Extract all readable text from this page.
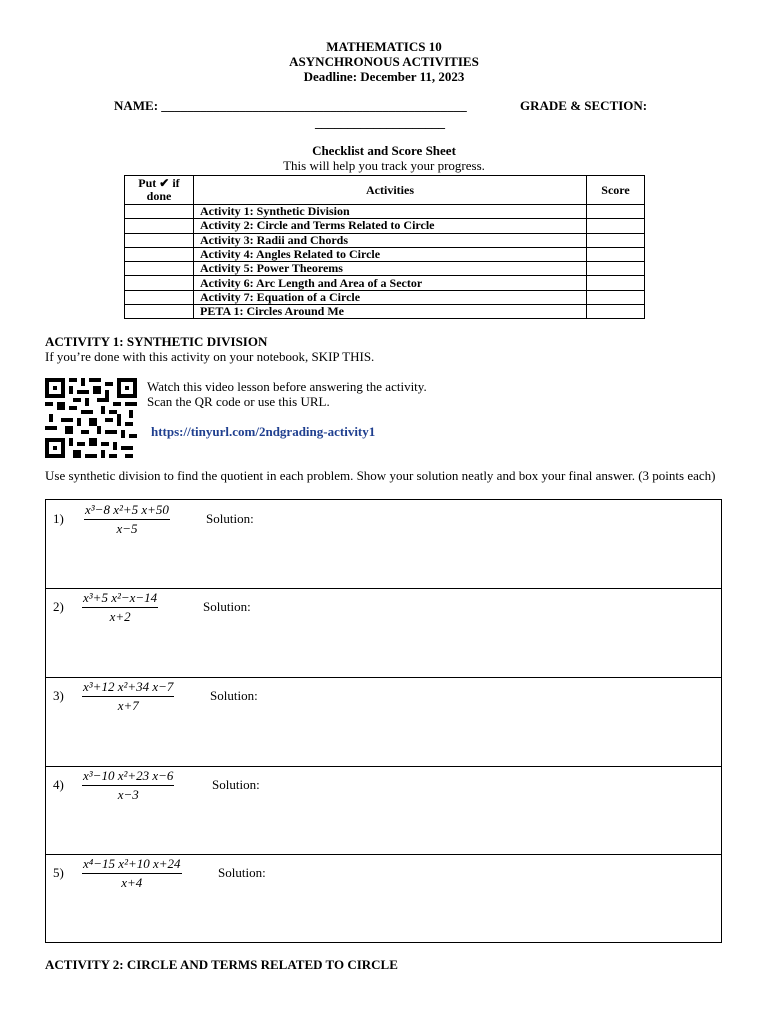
MATHEMATICS 10
ASYNCHRONOUS ACTIVITIES
Deadline: December 11, 2023
NAME: _______________________________________________	GRADE & SECTION:
____________________
Checklist and Score Sheet
This will help you track your progress.
Put ✔ if done	Activities	Score
	Activity 1: Synthetic Division	
	Activity 2: Circle and Terms Related to Circle	
	Activity 3: Radii and Chords	
	Activity 4: Angles Related to Circle	
	Activity 5: Power Theorems	
	Activity 6: Arc Length and Area of a Sector	
	Activity 7: Equation of a Circle	
	PETA 1: Circles Around Me	
ACTIVITY 1: SYNTHETIC DIVISION
If you’re done with this activity on your notebook, SKIP THIS.
Watch this video lesson before answering the activity.
Scan the QR code or use this URL.
https://tinyurl.com/2ndgrading-activity1
Use synthetic division to find the quotient in each problem. Show your solution neatly and box your final answer. (3 points each)
$1) \frac{\text{x³−8 x²+5 x+50}}{x-5}$	Solution:
$2) \frac{\text{x³+5 x²−x−14}}{x+2}$	Solution:
$3) \frac{\text{x³+12 x²+34 x−7}}{x+7}$	Solution:
$4) \frac{\text{x³−10 x²+23 x−6}}{x-3}$	Solution:
$5) \frac{\text{x⁴−15 x²+10 x+24}}{x+4}$	Solution:
ACTIVITY 2: CIRCLE AND TERMS RELATED TO CIRCLE
